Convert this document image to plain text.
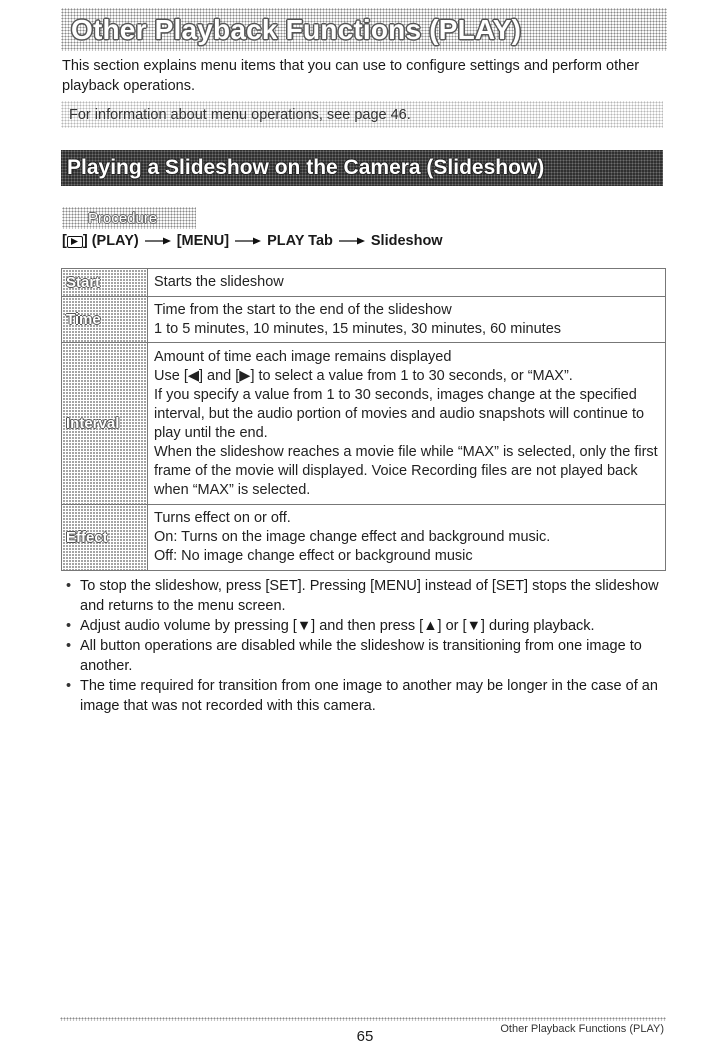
Other Playback Functions (PLAY)

This section explains menu items that you can use to configure settings and perform other playback operations.

For information about menu operations, see page 46.
Playing a Slideshow on the Camera (Slideshow)
Procedure
[ ] (PLAY)	[MENU]	PLAY Tab	Slideshow
Start	Starts the slideshow

Time	Time from the start to the end of the slideshow
1 to 5 minutes, 10 minutes, 15 minutes, 30 minutes, 60 minutes

Interval	Amount of time each image remains displayed
Use [◀] and [▶] to select a value from 1 to 30 seconds, or “MAX”.
If you specify a value from 1 to 30 seconds, images change at the specified interval, but the audio portion of movies and audio snapshots will continue to play until the end.
When the slideshow reaches a movie file while “MAX” is selected, only the first frame of the movie will displayed. Voice Recording files are not played back when “MAX” is selected.

Effect	Turns effect on or off.
On: Turns on the image change effect and background music.
Off: No image change effect or background music
• To stop the slideshow, press [SET]. Pressing [MENU] instead of [SET] stops the slideshow and returns to the menu screen.
• Adjust audio volume by pressing [▼] and then press [▲] or [▼] during playback.
• All button operations are disabled while the slideshow is transitioning from one image to another.
• The time required for transition from one image to another may be longer in the case of an image that was not recorded with this camera.
65	Other Playback Functions (PLAY)
